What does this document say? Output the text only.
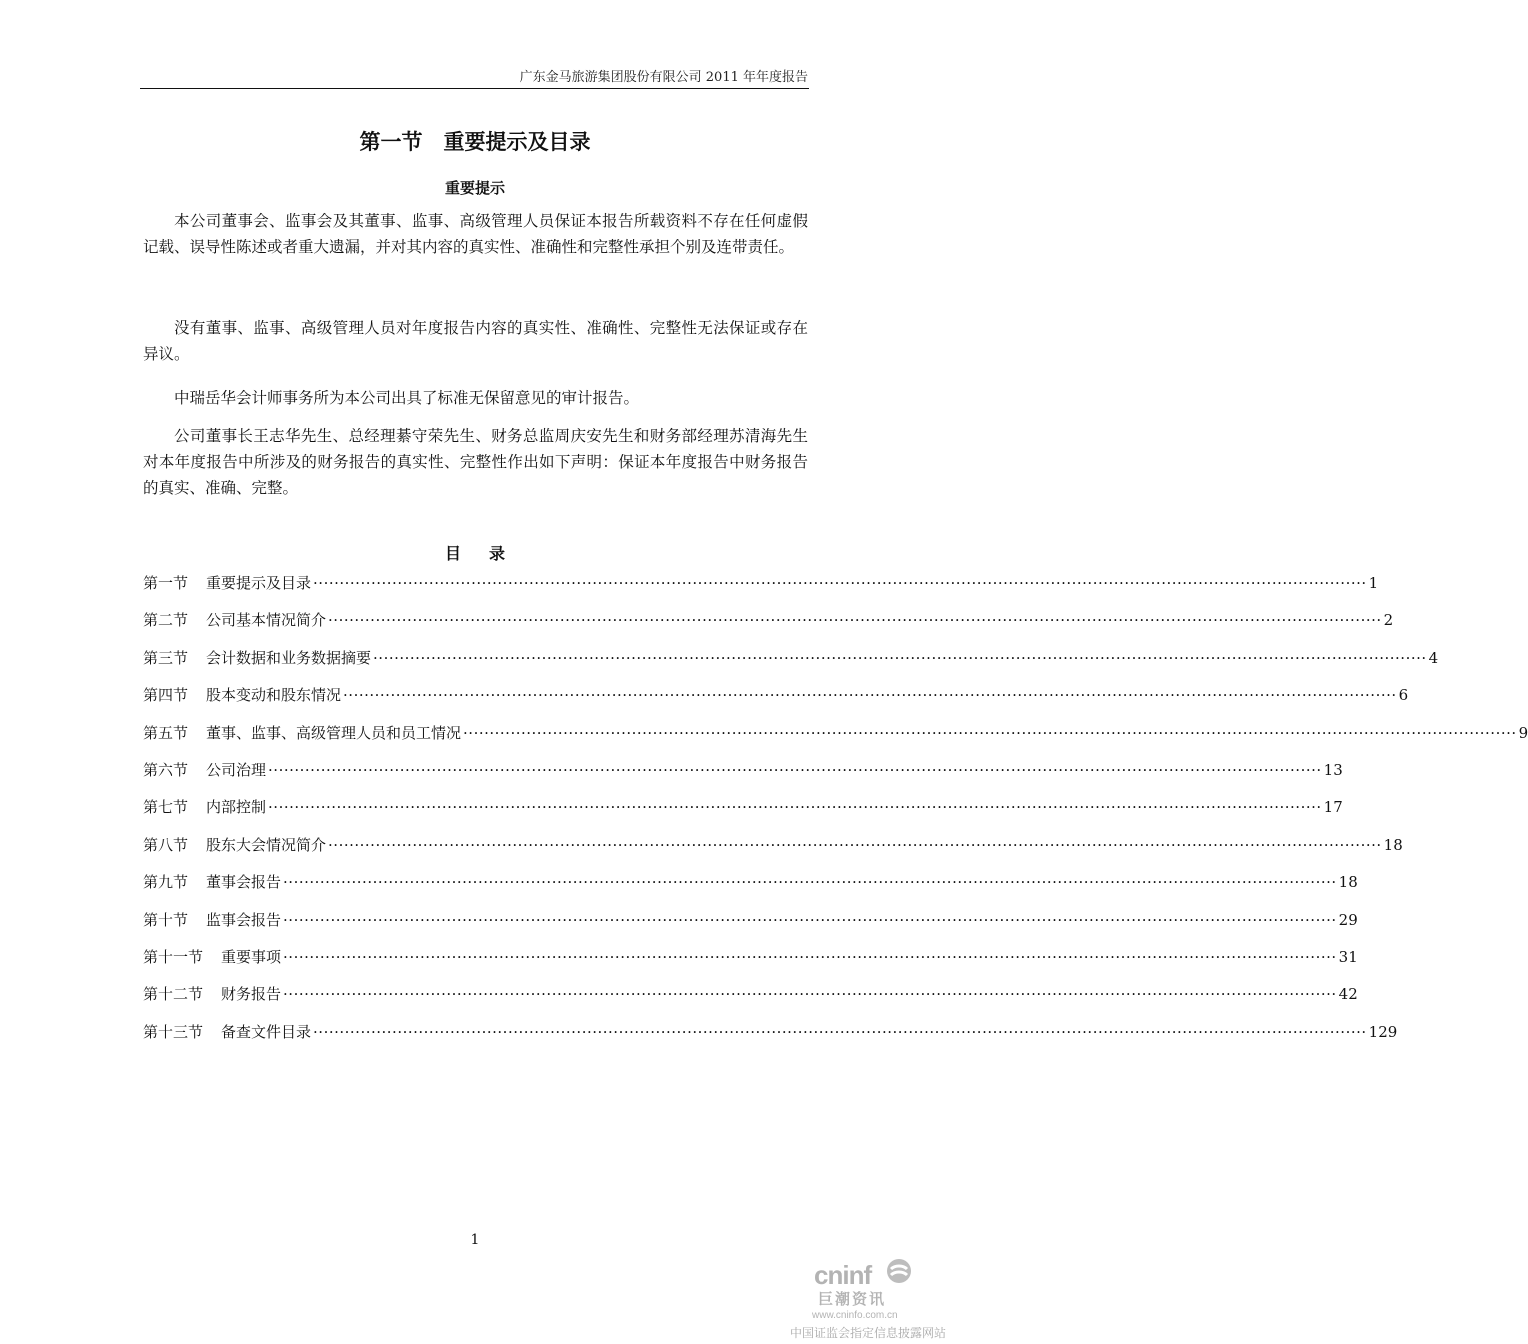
广东金马旅游集团股份有限公司 2011 年年度报告
第一节　重要提示及目录
重要提示

本公司董事会、监事会及其董事、监事、高级管理人员保证本报告所载资料不存在任何虚假记载、误导性陈述或者重大遗漏，并对其内容的真实性、准确性和完整性承担个别及连带责任。

没有董事、监事、高级管理人员对年度报告内容的真实性、准确性、完整性无法保证或存在异议。

中瑞岳华会计师事务所为本公司出具了标准无保留意见的审计报告。

公司董事长王志华先生、总经理綦守荣先生、财务总监周庆安先生和财务部经理苏清海先生对本年度报告中所涉及的财务报告的真实性、完整性作出如下声明：保证本年度报告中财务报告的真实、准确、完整。

目录
第一节 重要提示及目录 ········································································································································································································ 1
第二节 公司基本情况简介 ········································································································································································································ 2
第三节 会计数据和业务数据摘要 ········································································································································································································ 4
第四节 股本变动和股东情况 ········································································································································································································ 6
第五节 董事、监事、高级管理人员和员工情况 ········································································································································································································ 9
第六节 公司治理 ········································································································································································································ 13
第七节 内部控制 ········································································································································································································ 17
第八节 股东大会情况简介 ········································································································································································································ 18
第九节 董事会报告 ········································································································································································································ 18
第十节 监事会报告 ········································································································································································································ 29
第十一节 重要事项 ········································································································································································································ 31
第十二节 财务报告 ········································································································································································································ 42
第十三节 备查文件目录 ········································································································································································································ 129
1
cninf
巨潮资讯
www.cninfo.com.cn
中国证监会指定信息披露网站
